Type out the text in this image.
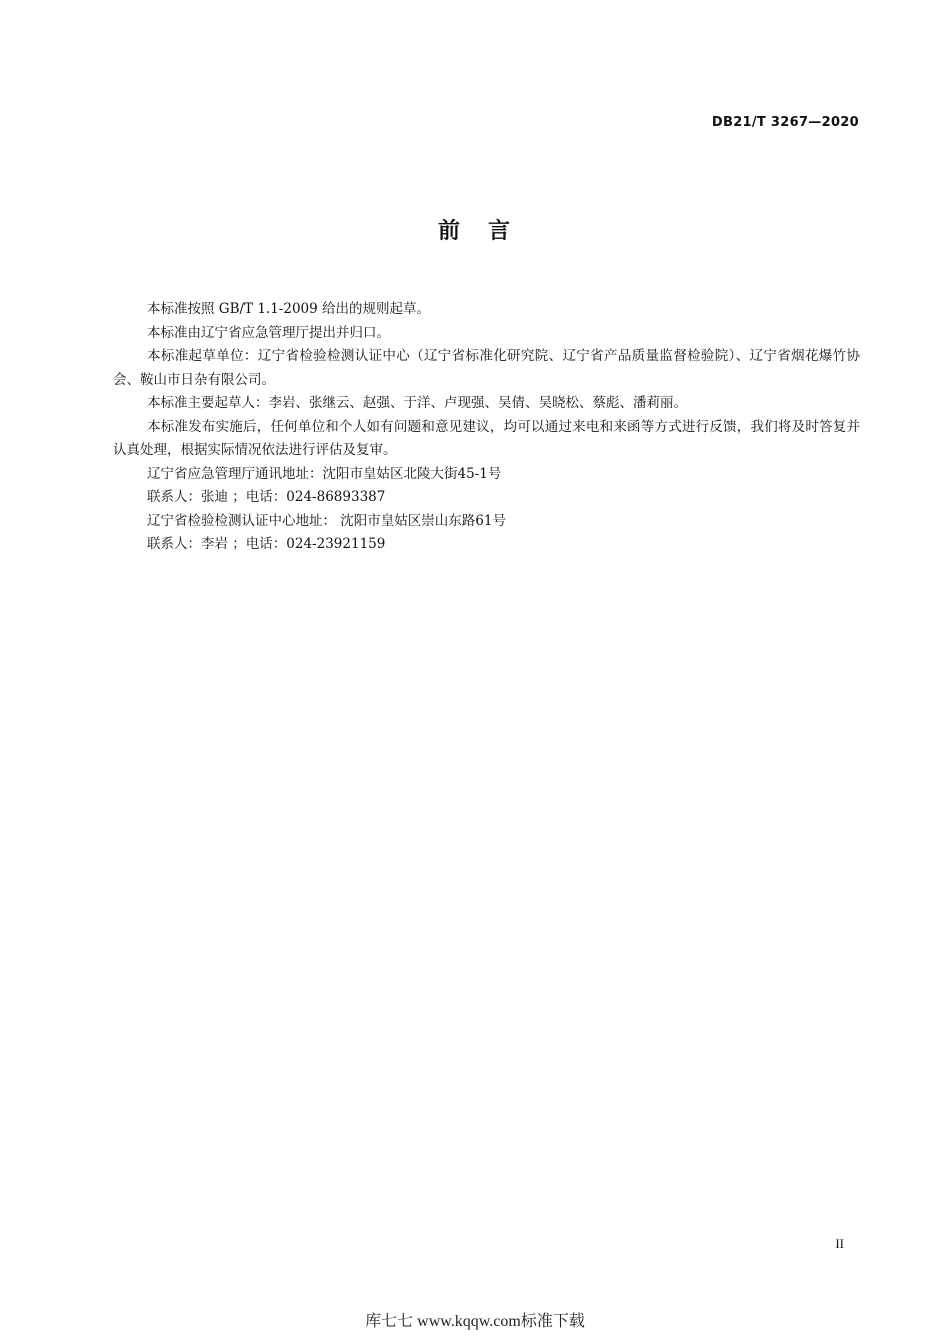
DB21/T 3267—2020
前 言

本标准按照 GB/T 1.1-2009 给出的规则起草。

本标准由辽宁省应急管理厅提出并归口。

本标准起草单位：辽宁省检验检测认证中心（辽宁省标准化研究院、辽宁省产品质量监督检验院）、辽宁省烟花爆竹协会、鞍山市日杂有限公司。

本标准主要起草人：李岩、张继云、赵强、于洋、卢现强、吴倩、吴晓松、蔡彪、潘莉丽。

本标准发布实施后，任何单位和个人如有问题和意见建议，均可以通过来电和来函等方式进行反馈，我们将及时答复并认真处理，根据实际情况依法进行评估及复审。

辽宁省应急管理厅通讯地址：沈阳市皇姑区北陵大街45-1号

联系人：张迪 ；电话：024-86893387

辽宁省检验检测认证中心地址： 沈阳市皇姑区崇山东路61号

联系人：李岩 ；电话：024-23921159

II
库七七 www.kqqw.com标准下载
